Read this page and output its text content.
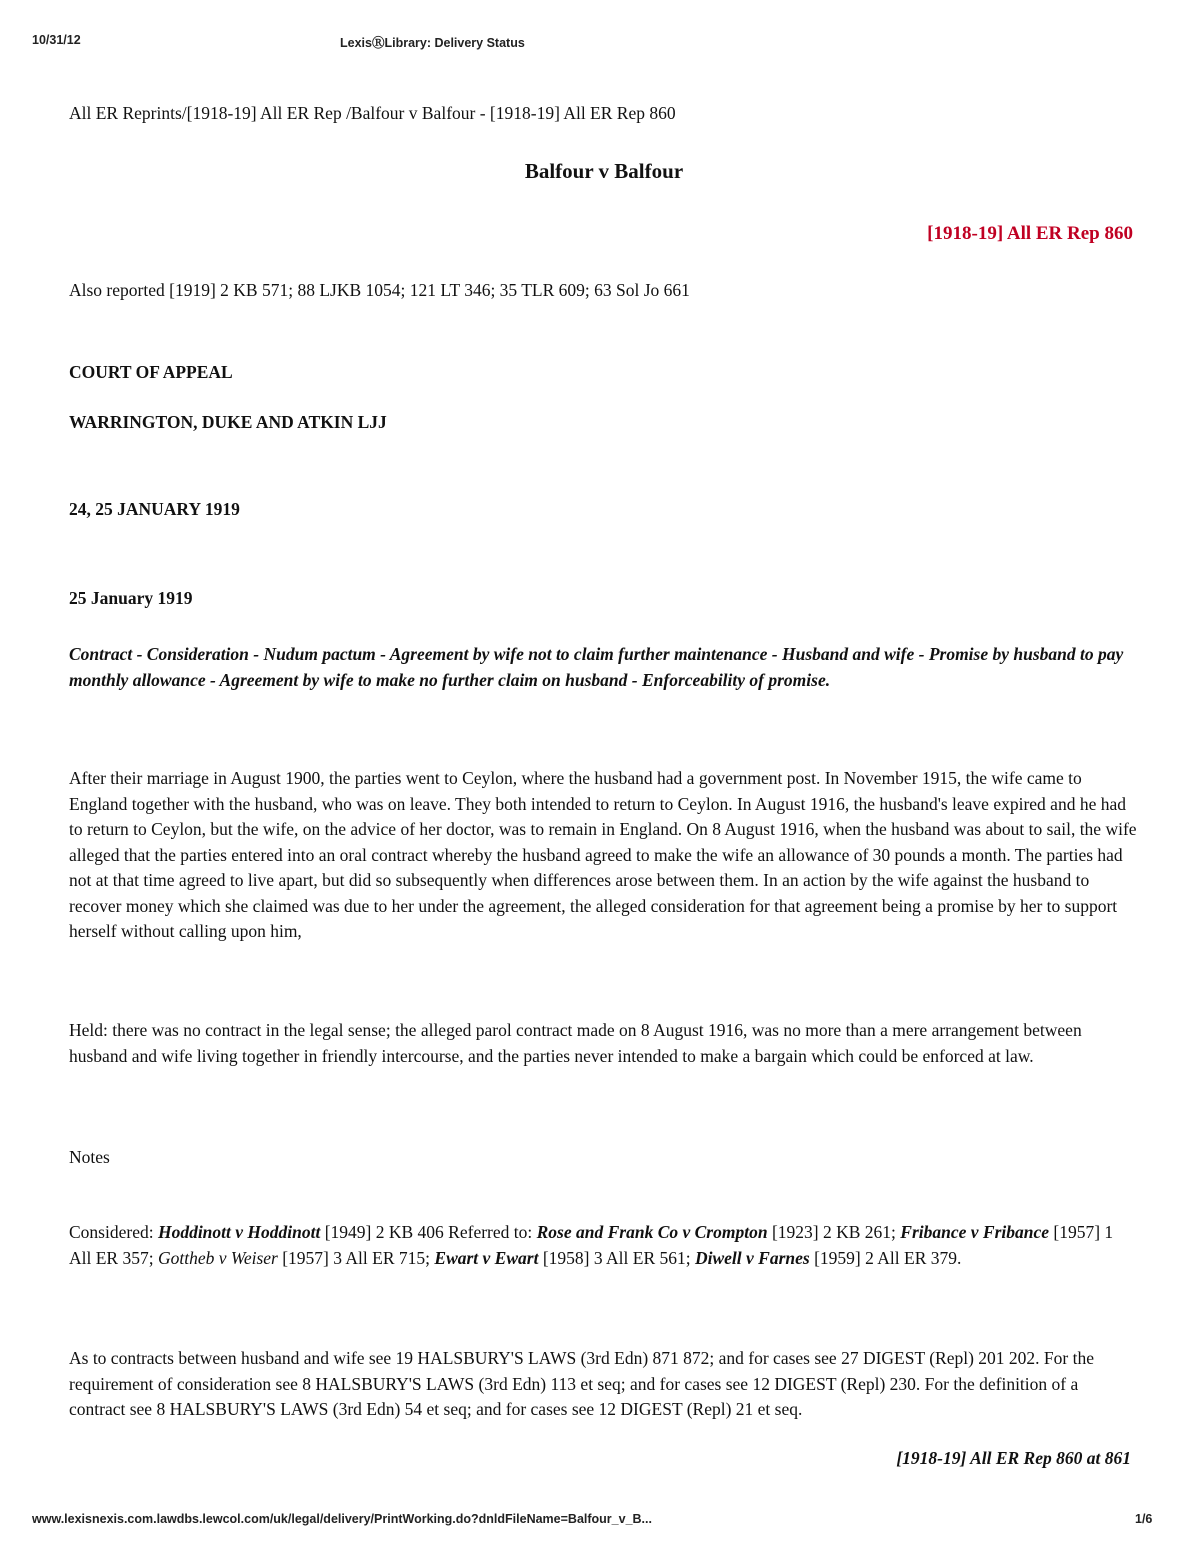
10/31/12	LexisⓇLibrary: Delivery Status
All ER Reprints/[1918-19] All ER Rep /Balfour v Balfour - [1918-19] All ER Rep 860
Balfour v Balfour
[1918-19] All ER Rep 860
Also reported [1919] 2 KB 571; 88 LJKB 1054; 121 LT 346; 35 TLR 609; 63 Sol Jo 661
COURT OF APPEAL
WARRINGTON, DUKE AND ATKIN LJJ
24, 25 JANUARY 1919
25 January 1919
Contract - Consideration - Nudum pactum - Agreement by wife not to claim further maintenance - Husband and wife - Promise by husband to pay monthly allowance - Agreement by wife to make no further claim on husband - Enforceability of promise.
After their marriage in August 1900, the parties went to Ceylon, where the husband had a government post. In November 1915, the wife came to England together with the husband, who was on leave. They both intended to return to Ceylon. In August 1916, the husband's leave expired and he had to return to Ceylon, but the wife, on the advice of her doctor, was to remain in England. On 8 August 1916, when the husband was about to sail, the wife alleged that the parties entered into an oral contract whereby the husband agreed to make the wife an allowance of 30 pounds a month. The parties had not at that time agreed to live apart, but did so subsequently when differences arose between them. In an action by the wife against the husband to recover money which she claimed was due to her under the agreement, the alleged consideration for that agreement being a promise by her to support herself without calling upon him,
Held: there was no contract in the legal sense; the alleged parol contract made on 8 August 1916, was no more than a mere arrangement between husband and wife living together in friendly intercourse, and the parties never intended to make a bargain which could be enforced at law.
Notes
Considered: Hoddinott v Hoddinott [1949] 2 KB 406 Referred to: Rose and Frank Co v Crompton [1923] 2 KB 261; Fribance v Fribance [1957] 1 All ER 357; Gottheb v Weiser [1957] 3 All ER 715; Ewart v Ewart [1958] 3 All ER 561; Diwell v Farnes [1959] 2 All ER 379.
As to contracts between husband and wife see 19 HALSBURY'S LAWS (3rd Edn) 871 872; and for cases see 27 DIGEST (Repl) 201 202. For the requirement of consideration see 8 HALSBURY'S LAWS (3rd Edn) 113 et seq; and for cases see 12 DIGEST (Repl) 230. For the definition of a contract see 8 HALSBURY'S LAWS (3rd Edn) 54 et seq; and for cases see 12 DIGEST (Repl) 21 et seq.
[1918-19] All ER Rep 860 at 861
www.lexisnexis.com.lawdbs.lewcol.com/uk/legal/delivery/PrintWorking.do?dnldFileName=Balfour_v_B...	1/6
